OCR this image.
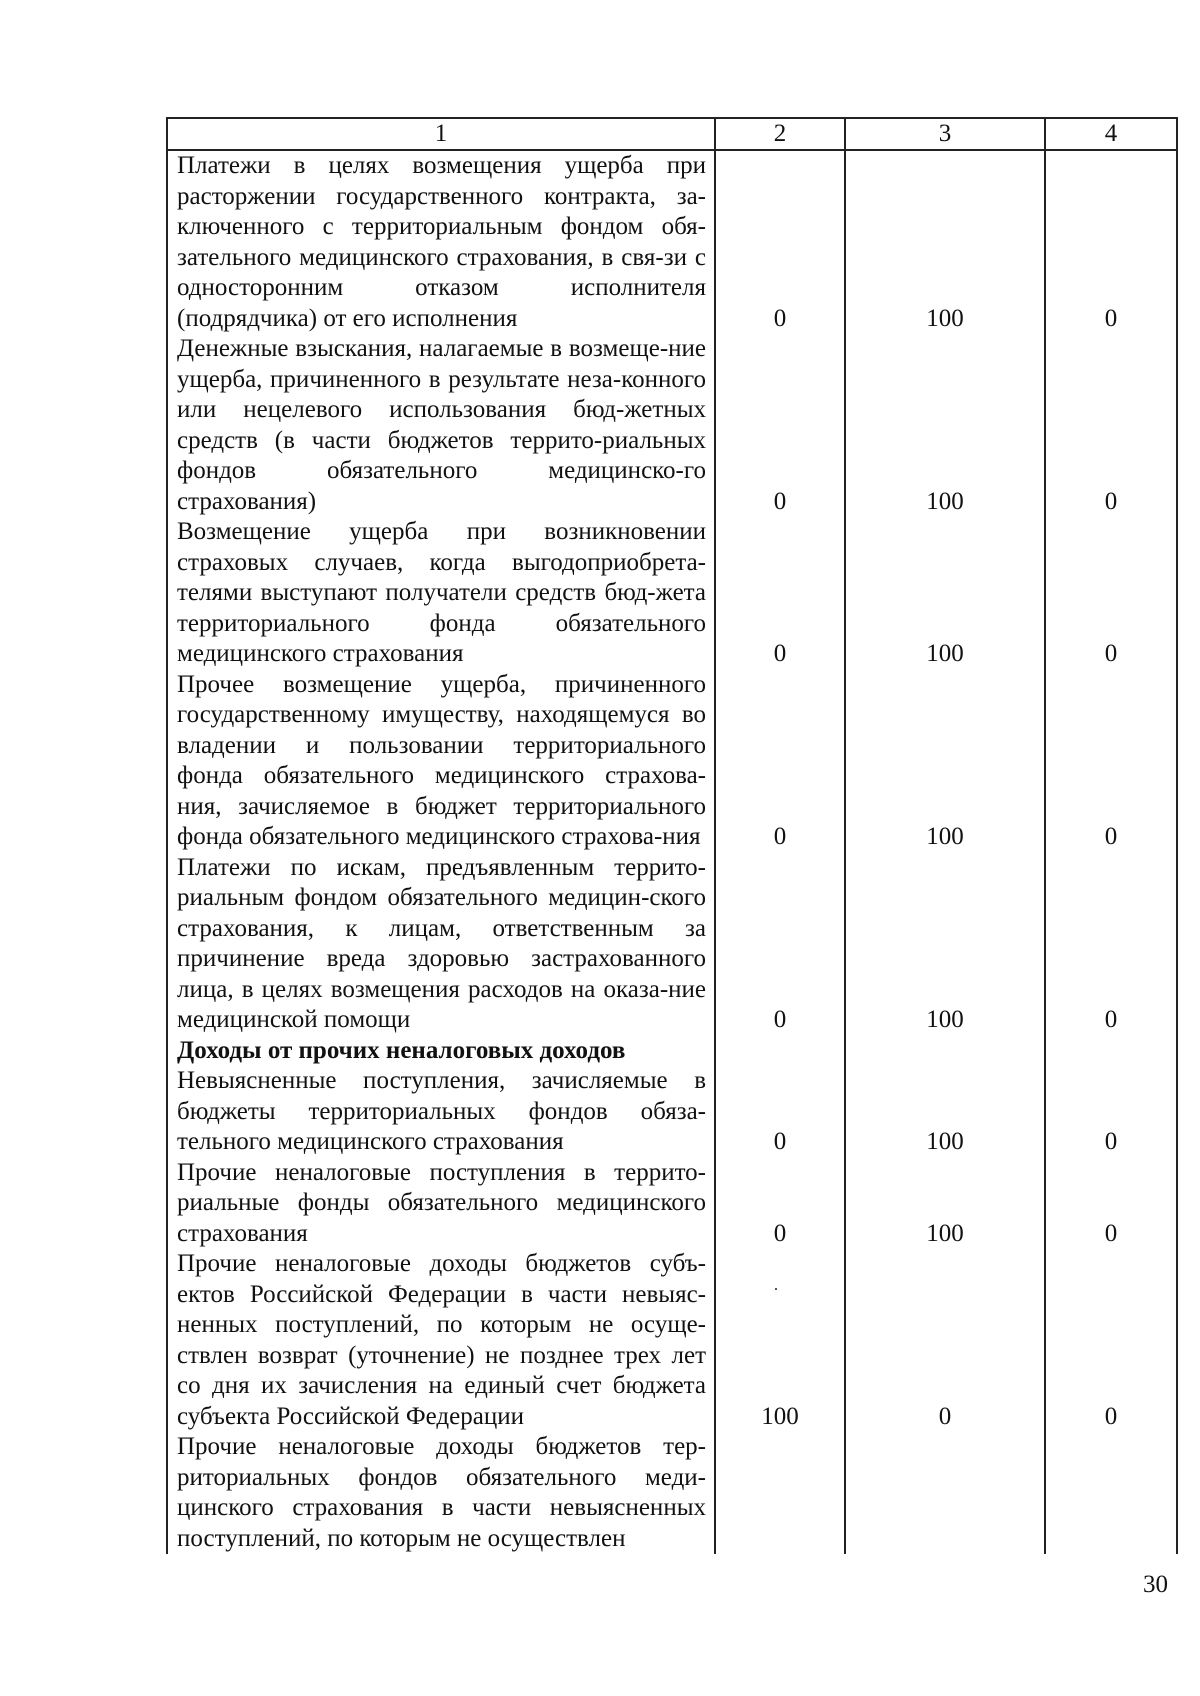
1	2	3	4
Платежи в целях возмещения ущерба при расторжении государственного контракта, за-ключенного с территориальным фондом обя-зательного медицинского страхования, в свя-зи с односторонним отказом исполнителя (подрядчика) от его исполнения	0	100	0
Денежные взыскания, налагаемые в возмеще-ние ущерба, причиненного в результате неза-конного или нецелевого использования бюд-жетных средств (в части бюджетов террито-риальных фондов обязательного медицинско-го страхования)	0	100	0
Возмещение ущерба при возникновении страховых случаев, когда выгодоприобрета-телями выступают получатели средств бюд-жета территориального фонда обязательного медицинского страхования	0	100	0
Прочее возмещение ущерба, причиненного государственному имуществу, находящемуся во владении и пользовании территориального фонда обязательного медицинского страхова-ния, зачисляемое в бюджет территориального фонда обязательного медицинского страхова-ния	0	100	0
Платежи по искам, предъявленным террито-риальным фондом обязательного медицин-ского страхования, к лицам, ответственным за причинение вреда здоровью застрахованного лица, в целях возмещения расходов на оказа-ние медицинской помощи	0	100	0
Доходы от прочих неналоговых доходов			
Невыясненные поступления, зачисляемые в бюджеты территориальных фондов обяза-тельного медицинского страхования	0	100	0
Прочие неналоговые поступления в террито-риальные фонды обязательного медицинского страхования	0	100	0
Прочие неналоговые доходы бюджетов субъ-ектов Российской Федерации в части невыяс-ненных поступлений, по которым не осуще-ствлен возврат (уточнение) не позднее трех лет со дня их зачисления на единый счет бюджета субъекта Российской Федерации	100	0	0
Прочие неналоговые доходы бюджетов тер-риториальных фондов обязательного меди-цинского страхования в части невыясненных поступлений, по которым не осуществлен			
30
